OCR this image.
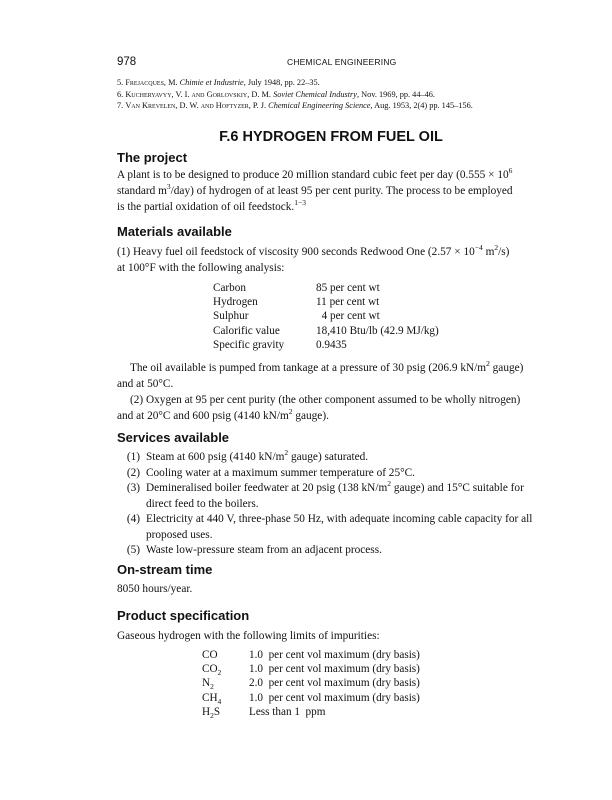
978	CHEMICAL ENGINEERING
5. Frejacques, M. Chimie et Industrie, July 1948, pp. 22–35.
6. Kucheryavyy, V. I. and Gorlovskiy, D. M. Soviet Chemical Industry, Nov. 1969, pp. 44–46.
7. Van Krevelen, D. W. and Hoftyzer, P. J. Chemical Engineering Science, Aug. 1953, 2(4) pp. 145–156.
F.6 HYDROGEN FROM FUEL OIL
The project

A plant is to be designed to produce 20 million standard cubic feet per day ($0.555 \times 10^6$

standard $m^3/day$) of hydrogen of at least 95 per cent purity. The process to be employed

is the partial oxidation of oil feedstock.$^{1-3}$

Materials available

(1) Heavy fuel oil feedstock of viscosity 900 seconds Redwood One ($2.57 \times 10^{-4}$ $m^2/s$)

at 100°F with the following analysis:

Carbon	85 per cent wt
Hydrogen	11 per cent wt
Sulphur	4 per cent wt
Calorific value	18,410 Btu/lb (42.9 MJ/kg)
Specific gravity	0.9435

The oil available is pumped from tankage at a pressure of 30 psig (206.9 $kN/m^2$ gauge)

and at 50°C.

(2) Oxygen at 95 per cent purity (the other component assumed to be wholly nitrogen)

and at 20°C and 600 psig (4140 $kN/m^2$ gauge).

Services available
(1) Steam at 600 psig (4140 $kN/m^2$ gauge) saturated.
(2) Cooling water at a maximum summer temperature of 25°C.
(3) Demineralised boiler feedwater at 20 psig (138 $kN/m^2$ gauge) and 15°C suitable for direct feed to the boilers.
(4) Electricity at 440 V, three-phase 50 Hz, with adequate incoming cable capacity for all proposed uses.
(5) Waste low-pressure steam from an adjacent process.
On-stream time
8050 hours/year.
Product specification
Gaseous hydrogen with the following limits of impurities:
CO	1.0  per cent vol maximum (dry basis)
$CO_2$	1.0  per cent vol maximum (dry basis)
$N_2$	2.0  per cent vol maximum (dry basis)
$CH_4$	1.0  per cent vol maximum (dry basis)
$H_2S$	Less than 1  ppm
